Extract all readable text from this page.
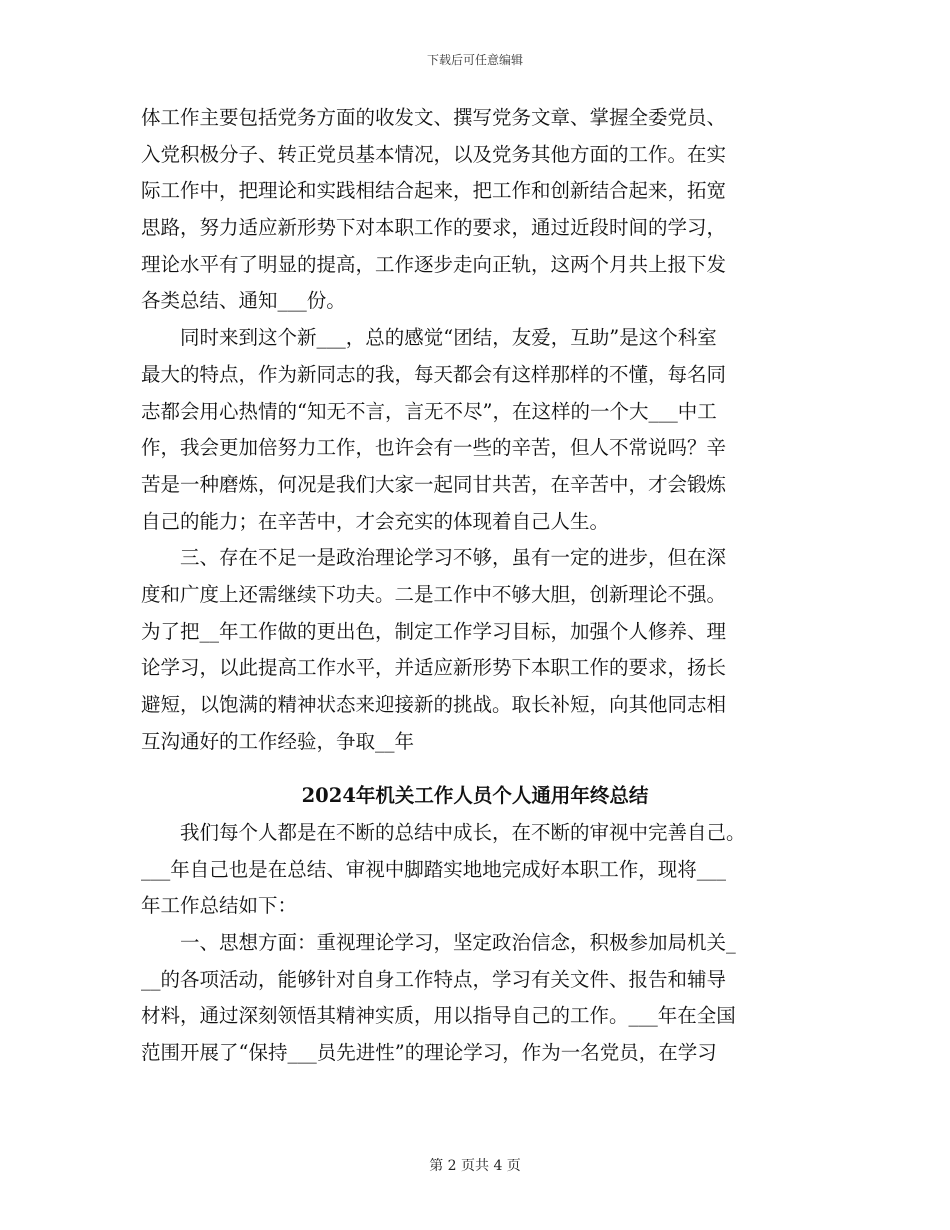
下载后可任意编辑
体工作主要包括党务方面的收发文、撰写党务文章、掌握全委党员、
入党积极分子、转正党员基本情况，以及党务其他方面的工作。在实
际工作中，把理论和实践相结合起来，把工作和创新结合起来，拓宽
思路，努力适应新形势下对本职工作的要求，通过近段时间的学习，
理论水平有了明显的提高，工作逐步走向正轨，这两个月共上报下发
各类总结、通知___份。
　　同时来到这个新___，总的感觉“团结，友爱，互助”是这个科室
最大的特点，作为新同志的我，每天都会有这样那样的不懂，每名同
志都会用心热情的“知无不言，言无不尽”，在这样的一个大___中工
作，我会更加倍努力工作，也许会有一些的辛苦，但人不常说吗？辛
苦是一种磨炼，何况是我们大家一起同甘共苦，在辛苦中，才会锻炼
自己的能力；在辛苦中，才会充实的体现着自己人生。
　　三、存在不足一是政治理论学习不够，虽有一定的进步，但在深
度和广度上还需继续下功夫。二是工作中不够大胆，创新理论不强。
为了把__年工作做的更出色，制定工作学习目标，加强个人修养、理
论学习，以此提高工作水平，并适应新形势下本职工作的要求，扬长
避短，以饱满的精神状态来迎接新的挑战。取长补短，向其他同志相
互沟通好的工作经验，争取__年
2024年机关工作人员个人通用年终总结
　　我们每个人都是在不断的总结中成长，在不断的审视中完善自己。
___年自己也是在总结、审视中脚踏实地地完成好本职工作，现将___
年工作总结如下：
　　一、思想方面：重视理论学习，坚定政治信念，积极参加局机关_
__的各项活动，能够针对自身工作特点，学习有关文件、报告和辅导
材料，通过深刻领悟其精神实质，用以指导自己的工作。___年在全国
范围开展了“保持___员先进性”的理论学习，作为一名党员，在学习
第 2 页共 4 页
